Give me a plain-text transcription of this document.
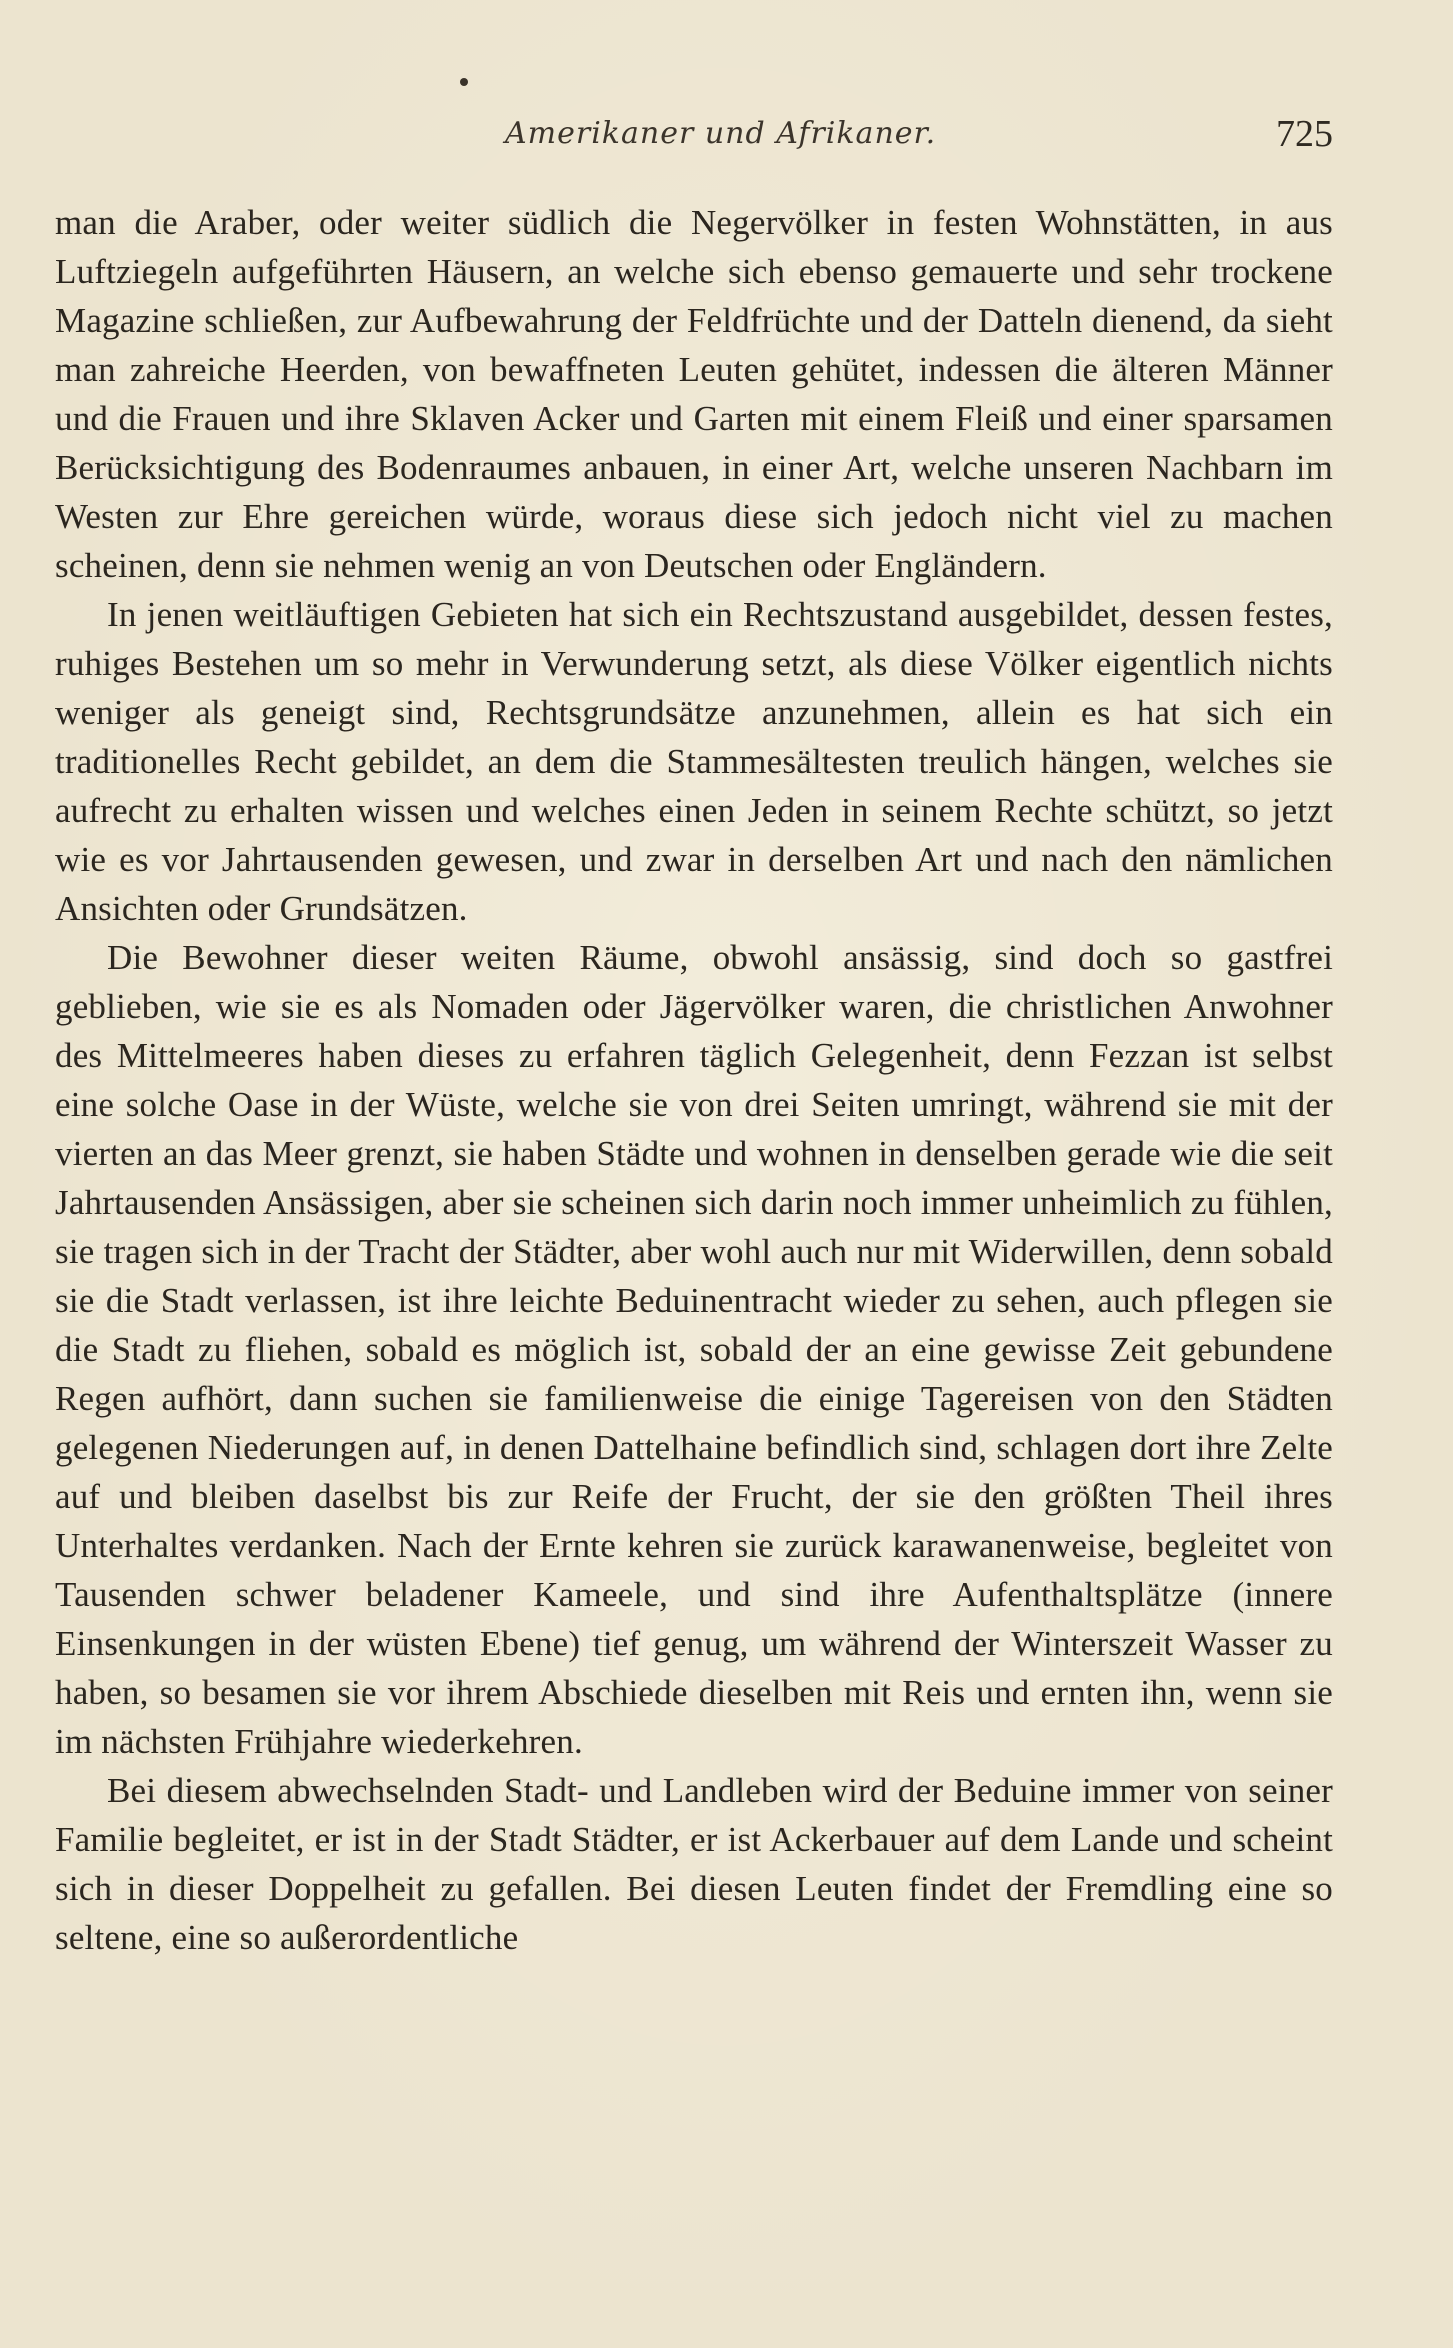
Amerikaner und Afrikaner.	725

man die Araber, oder weiter südlich die Negervölker in festen Wohnstätten, in aus Luftziegeln aufgeführten Häusern, an welche sich ebenso gemauerte und sehr trockene Magazine schließen, zur Aufbewahrung der Feldfrüchte und der Datteln dienend, da sieht man zahreiche Heerden, von bewaffneten Leuten gehütet, indessen die älteren Männer und die Frauen und ihre Sklaven Acker und Garten mit einem Fleiß und einer sparsamen Berücksichtigung des Bodenraumes anbauen, in einer Art, welche unseren Nachbarn im Westen zur Ehre gereichen würde, woraus diese sich jedoch nicht viel zu machen scheinen, denn sie nehmen wenig an von Deutschen oder Engländern.

In jenen weitläuftigen Gebieten hat sich ein Rechtszustand ausgebildet, dessen festes, ruhiges Bestehen um so mehr in Verwunderung setzt, als diese Völker eigentlich nichts weniger als geneigt sind, Rechtsgrundsätze anzunehmen, allein es hat sich ein traditionelles Recht gebildet, an dem die Stammesältesten treulich hängen, welches sie aufrecht zu erhalten wissen und welches einen Jeden in seinem Rechte schützt, so jetzt wie es vor Jahrtausenden gewesen, und zwar in derselben Art und nach den nämlichen Ansichten oder Grundsätzen.

Die Bewohner dieser weiten Räume, obwohl ansässig, sind doch so gastfrei geblieben, wie sie es als Nomaden oder Jägervölker waren, die christlichen Anwohner des Mittelmeeres haben dieses zu erfahren täglich Gelegenheit, denn Fezzan ist selbst eine solche Oase in der Wüste, welche sie von drei Seiten umringt, während sie mit der vierten an das Meer grenzt, sie haben Städte und wohnen in denselben gerade wie die seit Jahrtausenden Ansässigen, aber sie scheinen sich darin noch immer unheimlich zu fühlen, sie tragen sich in der Tracht der Städter, aber wohl auch nur mit Widerwillen, denn sobald sie die Stadt verlassen, ist ihre leichte Beduinentracht wieder zu sehen, auch pflegen sie die Stadt zu fliehen, sobald es möglich ist, sobald der an eine gewisse Zeit gebundene Regen aufhört, dann suchen sie familienweise die einige Tagereisen von den Städten gelegenen Niederungen auf, in denen Dattelhaine befindlich sind, schlagen dort ihre Zelte auf und bleiben daselbst bis zur Reife der Frucht, der sie den größten Theil ihres Unterhaltes verdanken. Nach der Ernte kehren sie zurück karawanenweise, begleitet von Tausenden schwer beladener Kameele, und sind ihre Aufenthaltsplätze (innere Einsenkungen in der wüsten Ebene) tief genug, um während der Winterszeit Wasser zu haben, so besamen sie vor ihrem Abschiede dieselben mit Reis und ernten ihn, wenn sie im nächsten Frühjahre wiederkehren.

Bei diesem abwechselnden Stadt- und Landleben wird der Beduine immer von seiner Familie begleitet, er ist in der Stadt Städter, er ist Ackerbauer auf dem Lande und scheint sich in dieser Doppelheit zu gefallen. Bei diesen Leuten findet der Fremdling eine so seltene, eine so außerordentliche
